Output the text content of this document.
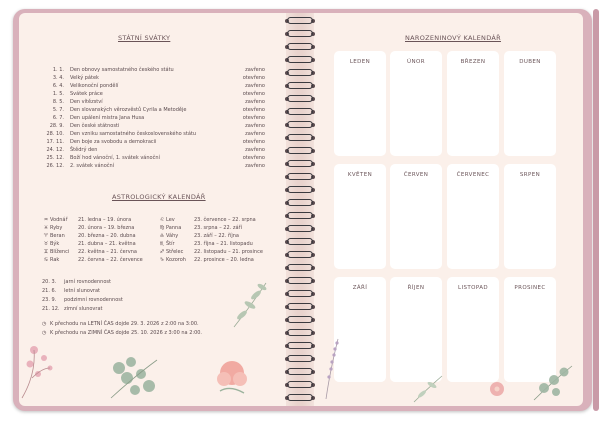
STÁTNÍ SVÁTKY
1. 1. Den obnovy samostatného českého státu	zavřeno
3. 4. Velký pátek	otevřeno
6. 4. Velikonoční pondělí	zavřeno
1. 5. Svátek práce	otevřeno
8. 5. Den vítězství	zavřeno
5. 7. Den slovanských věrozvěstů Cyrila a Metoděje	otevřeno
6. 7. Den upálení mistra Jana Husa	otevřeno
28. 9. Den české státnosti	zavřeno
28. 10. Den vzniku samostatného československého státu	zavřeno
17. 11. Den boje za svobodu a demokracii	otevřeno
24. 12. Štědrý den	zavřeno
25. 12. Boží hod vánoční, 1. svátek vánoční	otevřeno
26. 12. 2. svátek vánoční	zavřeno
ASTROLOGICKÝ KALENDÁŘ
♒ Vodnář 21. ledna – 19. února
♓ Ryby	20. února – 19. března
♈ Beran	20. března – 20. dubna
♉ Býk	21. dubna – 21. května
♊ Blíženci 22. května – 21. června
♋ Rak	22. června – 22. července
♌ Lev	23. července – 22. srpna
♍ Panna	23. srpna – 22. září
♎ Váhy	23. září – 22. října
♏ Štír	23. října – 21. listopadu
♐ Střelec 22. listopadu – 21. prosince
♑ Kozoroh 22. prosince – 20. ledna
20. 3. jarní rovnodennost
21. 6. letní slunovrat
23. 9. podzimní rovnodennost
21. 12. zimní slunovrat
◷ K přechodu na LETNÍ ČAS dojde 29. 3. 2026 z 2:00 na 3:00.
◷ K přechodu na ZIMNÍ ČAS dojde 25. 10. 2026 z 3:00 na 2:00.
NAROZENINOVÝ KALENDÁŘ
LEDEN	ÚNOR	BŘEZEN	DUBEN
KVĚTEN	ČERVEN	ČERVENEC	SRPEN
ZÁŘÍ	ŘÍJEN	LISTOPAD	PROSINEC
